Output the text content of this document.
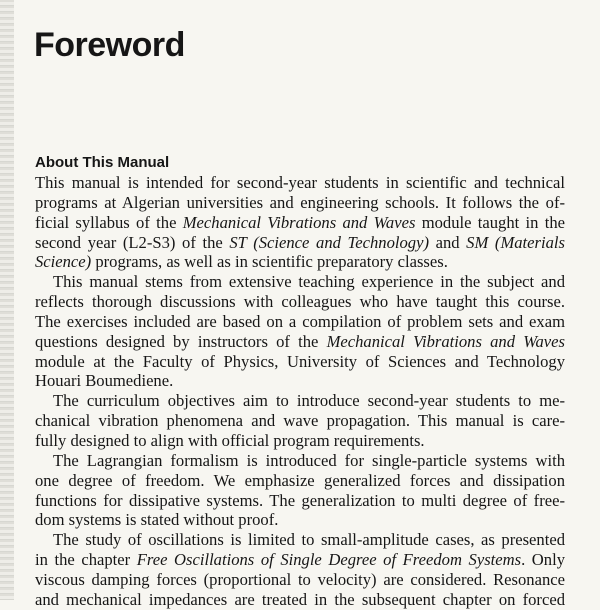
Foreword
About This Manual
This manual is intended for second-year students in scientific and technical
programs at Algerian universities and engineering schools. It follows the of-
ficial syllabus of the Mechanical Vibrations and Waves module taught in the
second year (L2-S3) of the ST (Science and Technology) and SM (Materials
Science) programs, as well as in scientific preparatory classes.
This manual stems from extensive teaching experience in the subject and
reflects thorough discussions with colleagues who have taught this course.
The exercises included are based on a compilation of problem sets and exam
questions designed by instructors of the Mechanical Vibrations and Waves
module at the Faculty of Physics, University of Sciences and Technology
Houari Boumediene.
The curriculum objectives aim to introduce second-year students to me-
chanical vibration phenomena and wave propagation. This manual is care-
fully designed to align with official program requirements.
The Lagrangian formalism is introduced for single-particle systems with
one degree of freedom. We emphasize generalized forces and dissipation
functions for dissipative systems. The generalization to multi degree of free-
dom systems is stated without proof.
The study of oscillations is limited to small-amplitude cases, as presented
in the chapter Free Oscillations of Single Degree of Freedom Systems. Only
viscous damping forces (proportional to velocity) are considered. Resonance
and mechanical impedances are treated in the subsequent chapter on forced
